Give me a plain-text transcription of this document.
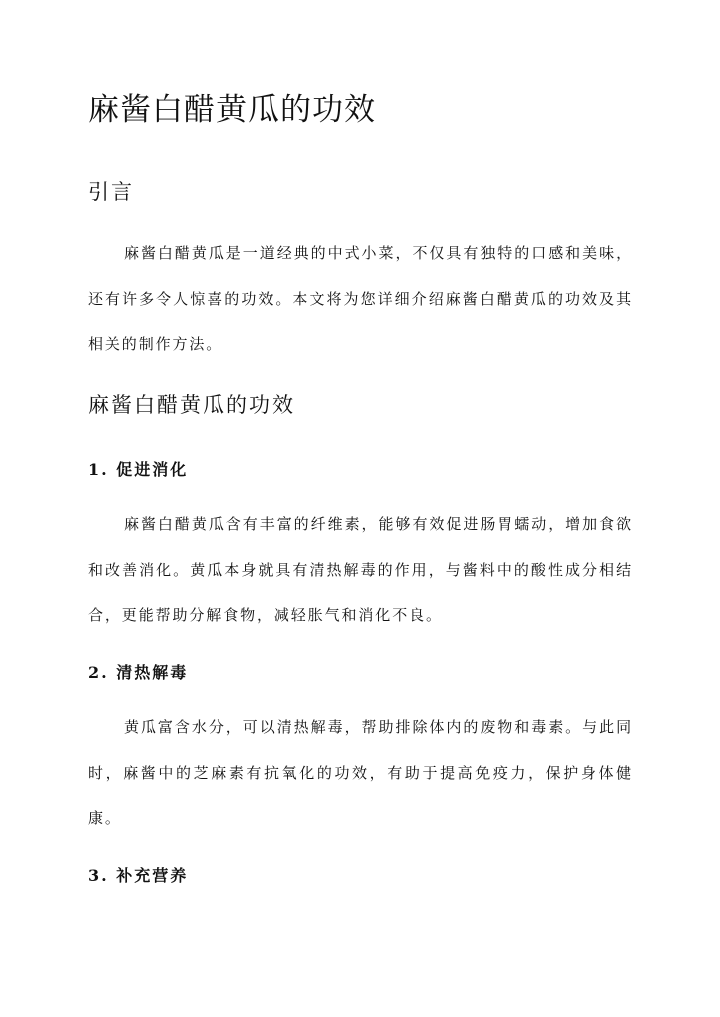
麻酱白醋黄瓜的功效
引言

麻酱白醋黄瓜是一道经典的中式小菜，不仅具有独特的口感和美味，还有许多令人惊喜的功效。本文将为您详细介绍麻酱白醋黄瓜的功效及其相关的制作方法。

麻酱白醋黄瓜的功效
1. 促进消化

麻酱白醋黄瓜含有丰富的纤维素，能够有效促进肠胃蠕动，增加食欲和改善消化。黄瓜本身就具有清热解毒的作用，与酱料中的酸性成分相结合，更能帮助分解食物，减轻胀气和消化不良。

2. 清热解毒

黄瓜富含水分，可以清热解毒，帮助排除体内的废物和毒素。与此同时，麻酱中的芝麻素有抗氧化的功效，有助于提高免疫力，保护身体健康。

3. 补充营养
